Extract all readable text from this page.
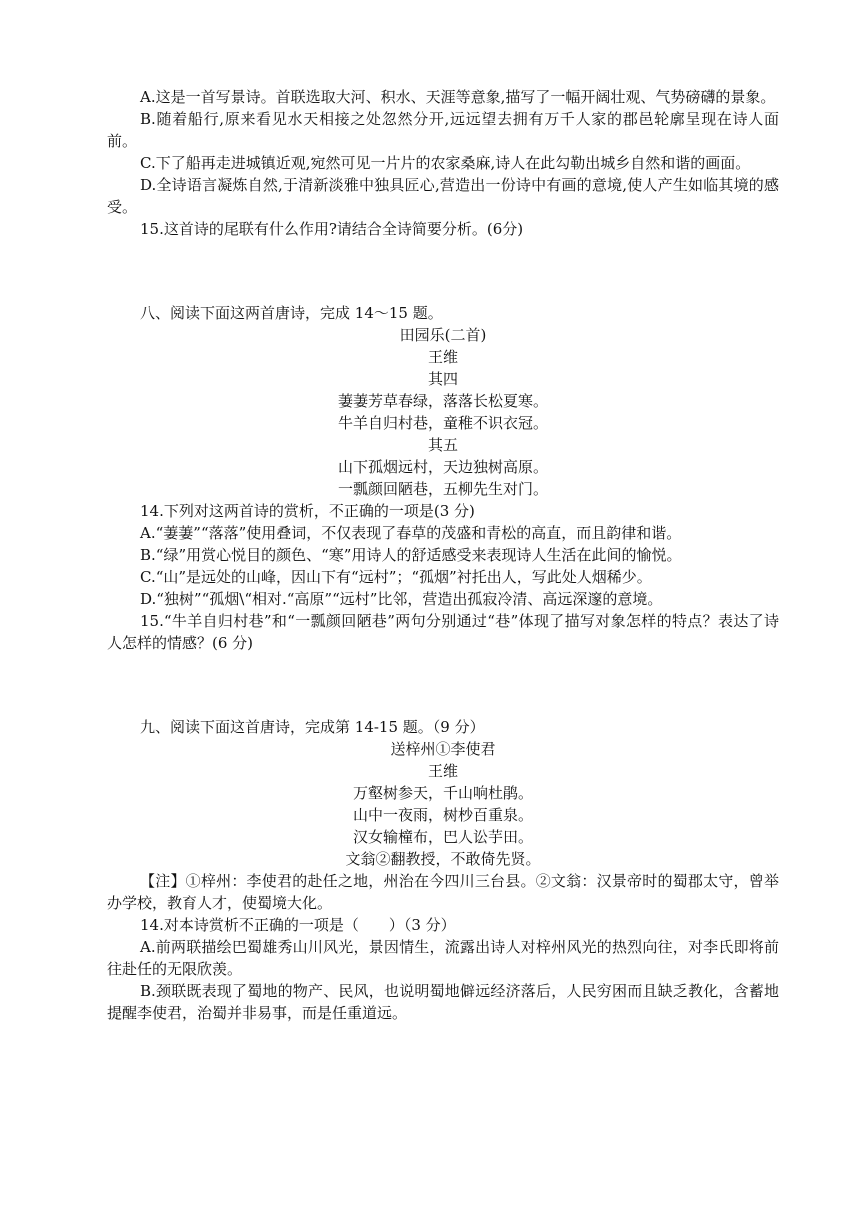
A.这是一首写景诗。首联选取大河、积水、天涯等意象,描写了一幅开阔壮观、气势磅礴的景象。

B.随着船行,原来看见水天相接之处忽然分开,远远望去拥有万千人家的郡邑轮廓呈现在诗人面前。

C.下了船再走进城镇近观,宛然可见一片片的农家桑麻,诗人在此勾勒出城乡自然和谐的画面。

D.全诗语言凝炼自然,于清新淡雅中独具匠心,营造出一份诗中有画的意境,使人产生如临其境的感受。

15.这首诗的尾联有什么作用?请结合全诗简要分析。(6分)

八、阅读下面这两首唐诗，完成 14～15 题。

田园乐(二首)

王维

其四

萋萋芳草春绿，落落长松夏寒。

牛羊自归村巷，童稚不识衣冠。

其五

山下孤烟远村，天边独树高原。

一瓢颜回陋巷，五柳先生对门。

14.下列对这两首诗的赏析，不正确的一项是(3 分)

A.“萋萋”“落落”使用叠词，不仅表现了春草的茂盛和青松的高直，而且韵律和谐。

B.“绿”用赏心悦目的颜色、“寒”用诗人的舒适感受来表现诗人生活在此间的愉悦。

C.“山”是远处的山峰，因山下有“远村”；“孤烟”衬托出人，写此处人烟稀少。

D.“独树”“孤烟\“相对.“高原”“远村”比邻，营造出孤寂冷清、高远深邃的意境。

15.“牛羊自归村巷”和“一瓢颜回陋巷”两句分别通过“巷”体现了描写对象怎样的特点？表达了诗人怎样的情感？(6 分)

九、阅读下面这首唐诗，完成第 14-15 题。（9 分）

送梓州①李使君

王维

万壑树参天，千山响杜鹃。

山中一夜雨，树杪百重泉。

汉女输橦布，巴人讼芋田。

文翁②翻教授，不敢倚先贤。

【注】①梓州：李使君的赴任之地，州治在今四川三台县。②文翁：汉景帝时的蜀郡太守，曾举办学校，教育人才，使蜀境大化。

14.对本诗赏析不正确的一项是（　　）（3 分）

A.前两联描绘巴蜀雄秀山川风光，景因情生，流露出诗人对梓州风光的热烈向往，对李氏即将前往赴任的无限欣羡。

B.颈联既表现了蜀地的物产、民风，也说明蜀地僻远经济落后，人民穷困而且缺乏教化，含蓄地提醒李使君，治蜀并非易事，而是任重道远。
